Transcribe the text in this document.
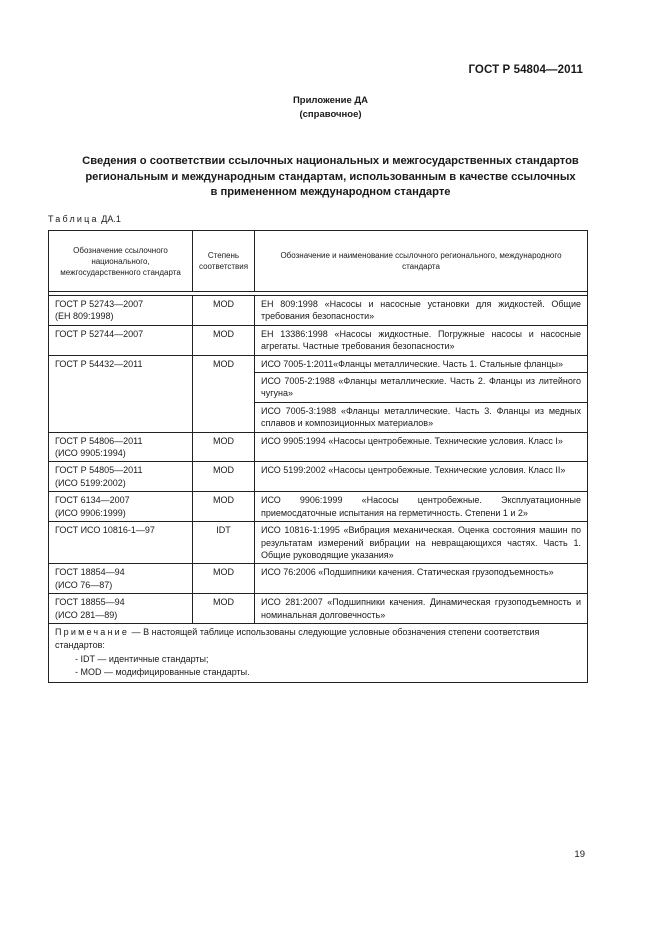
ГОСТ Р 54804—2011
Приложение ДА
(справочное)
Сведения о соответствии ссылочных национальных и межгосударственных стандартов
региональным и международным стандартам, использованным в качестве ссылочных
в примененном международном стандарте
Таблица ДА.1
Обозначение ссылочного национального, межгосударственного стандарта	Степень соответствия	Обозначение и наименование ссылочного регионального, международного стандарта

ГОСТ Р 52743—2007
(ЕН 809:1998)	MOD	ЕН 809:1998 «Насосы и насосные установки для жидкостей. Общие требования безопасности»

ГОСТ Р 52744—2007	MOD	ЕН 13386:1998 «Насосы жидкостные. Погружные насосы и насосные агрегаты. Частные требования безопасности»

ГОСТ Р 54432—2011	MOD	ИСО 7005-1:2011«Фланцы металлические. Часть 1. Стальные фланцы»
		ИСО 7005-2:1988 «Фланцы металлические. Часть 2. Фланцы из литейного чугуна»
		ИСО 7005-3:1988 «Фланцы металлические. Часть 3. Фланцы из медных сплавов и композиционных материалов»

ГОСТ Р 54806—2011
(ИСО 9905:1994)	MOD	ИСО 9905:1994 «Насосы центробежные. Технические условия. Класс I»

ГОСТ Р 54805—2011
(ИСО 5199:2002)	MOD	ИСО 5199:2002 «Насосы центробежные. Технические условия. Класс II»

ГОСТ 6134—2007
(ИСО 9906:1999)	MOD	ИСО 9906:1999 «Насосы центробежные. Эксплуатационные приемосдаточные испытания на герметичность. Степени 1 и 2»

ГОСТ ИСО 10816-1—97	IDT	ИСО 10816-1:1995 «Вибрация механическая. Оценка состояния машин по результатам измерений вибрации на невращающихся частях. Часть 1. Общие руководящие указания»

ГОСТ 18854—94
(ИСО 76—87)	MOD	ИСО 76:2006 «Подшипники качения. Статическая грузоподъемность»

ГОСТ 18855—94
(ИСО 281—89)	MOD	ИСО 281:2007 «Подшипники качения. Динамическая грузоподъемность и номинальная долговечность»

Примечание — В настоящей таблице использованы следующие условные обозначения степени соответствия стандартов:
- IDT — идентичные стандарты;
- MOD — модифицированные стандарты.		
19
